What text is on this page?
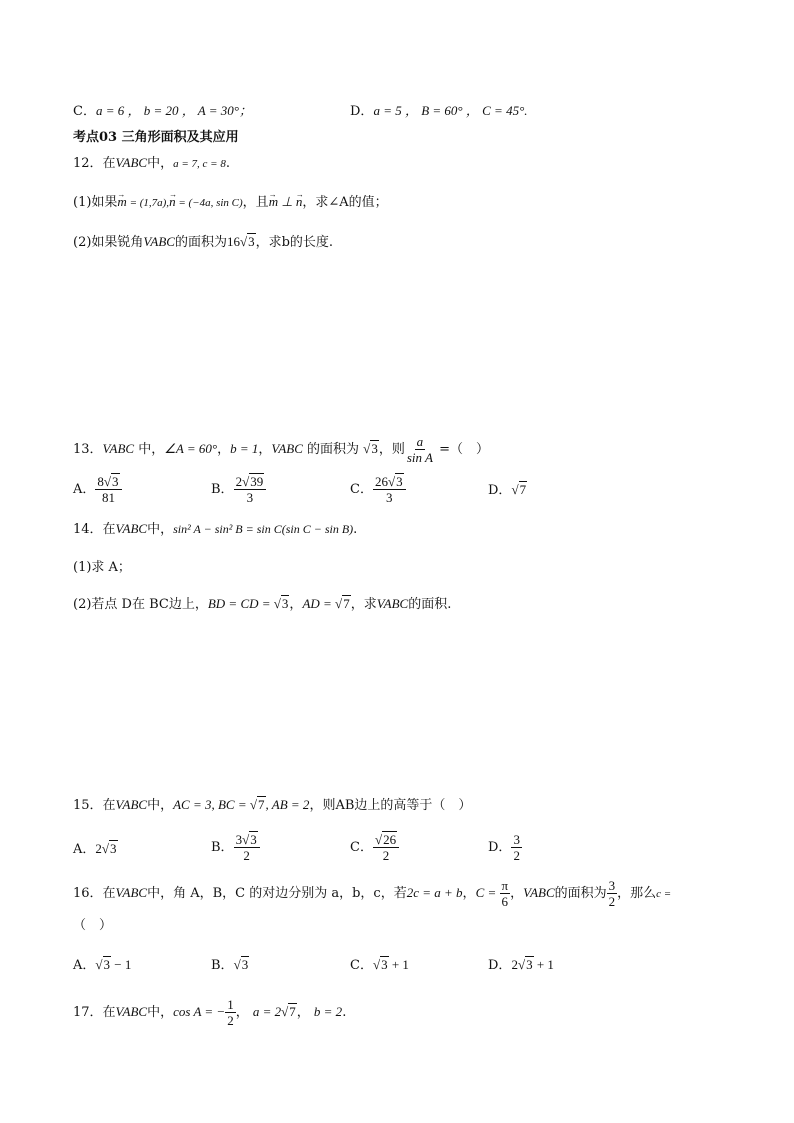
C．a = 6 ， b = 20 ， A = 30°；	D．a = 5 ， B = 60° ， C = 45°.
考点03 三角形面积及其应用
12．在VABC中，a = 7, c = 8.
(1)如果→ m = (1,7a),→ n = (−4a, sin C)，且→ m ⊥ → n，求∠A的值；
(2)如果锐角VABC的面积为16√3，求b的长度.
13．VABC 中，∠A = 60°，b = 1，VABC 的面积为 √3，则 $\frac{a}{\text{sin A}}$ =（　）
A． $\frac{8√3}{81}$	B． $\frac{2√39}{3}$	C． $\frac{26√3}{3}$	D．√7
14．在VABC中，sin² A − sin² B = sin C(sin C − sin B).
(1)求 A；
(2)若点 D在 BC边上，BD = CD = √3，AD = √7，求VABC的面积.
15．在VABC中，AC = 3, BC = √7, AB = 2，则AB边上的高等于（　）
A．2√3	B． $\frac{3√3}{2}$	C． $\frac{√26}{2}$	D． $\frac{3}{2}$
16．在VABC中，角 A，B，C 的对边分别为 a，b，c，若2c = a + b，$C = \frac{\pi}{6}$ ，VABC的面积为 $\frac{3}{2}$ ，那么c =
（　）
A．√3 − 1	B．√3	C．√3 + 1	D．2√3 + 1
17．在VABC中，cos A = − $\frac{1}{2}$ ， a = 2√7， b = 2.
